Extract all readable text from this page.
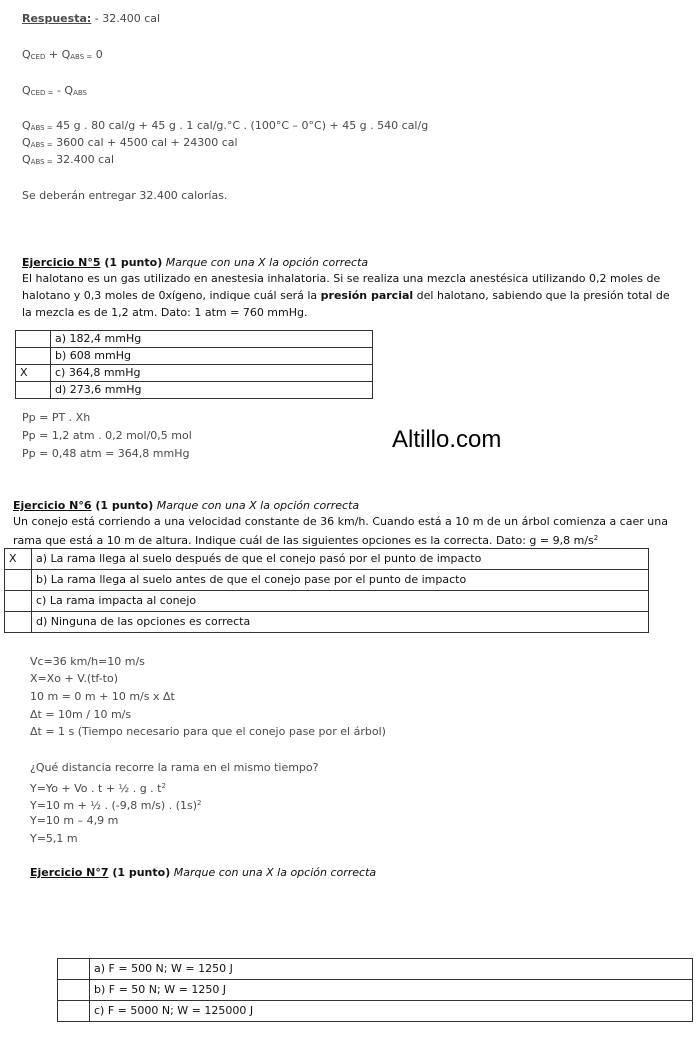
Respuesta: - 32.400 cal
$Q_{CED} + Q_{ABS =}$ 0
$Q_{CED =} - Q_{ABS}$
$Q_{ABS =}$ 45 g . 80 cal/g + 45 g . 1 cal/g.°C . (100°C – 0°C) + 45 g . 540 cal/g
$Q_{ABS =}$ 3600 cal + 4500 cal + 24300 cal
$Q_{ABS =}$ 32.400 cal
Se deberán entregar 32.400 calorías.
Ejercicio N°5 (1 punto) Marque con una X la opción correcta
El halotano es un gas utilizado en anestesia inhalatoria. Si se realiza una mezcla anestésica utilizando 0,2 moles de
halotano y 0,3 moles de 0xígeno, indique cuál será la presión parcial del halotano, sabiendo que la presión total de
la mezcla es de 1,2 atm. Dato: 1 atm = 760 mmHg.
	a) 182,4 mmHg
	b) 608 mmHg
X	c) 364,8 mmHg
	d) 273,6 mmHg
Pp = PT . Xh
Pp = 1,2 atm . 0,2 mol/0,5 mol
Pp = 0,48 atm = 364,8 mmHg
Altillo.com
Ejercicio N°6 (1 punto) Marque con una X la opción correcta
Un conejo está corriendo a una velocidad constante de 36 km/h. Cuando está a 10 m de un árbol comienza a caer una
rama que está a 10 m de altura. Indique cuál de las siguientes opciones es la correcta. Dato: g = 9,8 $m/s^2$
X	a) La rama llega al suelo después de que el conejo pasó por el punto de impacto
	b) La rama llega al suelo antes de que el conejo pase por el punto de impacto
	c) La rama impacta al conejo
	d) Ninguna de las opciones es correcta
Vc=36 km/h=10 m/s
X=Xo + V.(tf-to)
10 m = 0 m + 10 m/s x Δt
Δt = 10m / 10 m/s
Δt = 1 s (Tiempo necesario para que el conejo pase por el árbol)
¿Qué distancia recorre la rama en el mismo tiempo?
Y=Yo + Vo . t + ½ . g . $t^2$
Y=10 m + ½ . (-9,8 m/s) . $(1s)^2$
Y=10 m – 4,9 m
Y=5,1 m
Ejercicio N°7 (1 punto) Marque con una X la opción correcta
	a) F = 500 N; W = 1250 J
	b) F = 50 N; W = 1250 J
	c) F = 5000 N; W = 125000 J
